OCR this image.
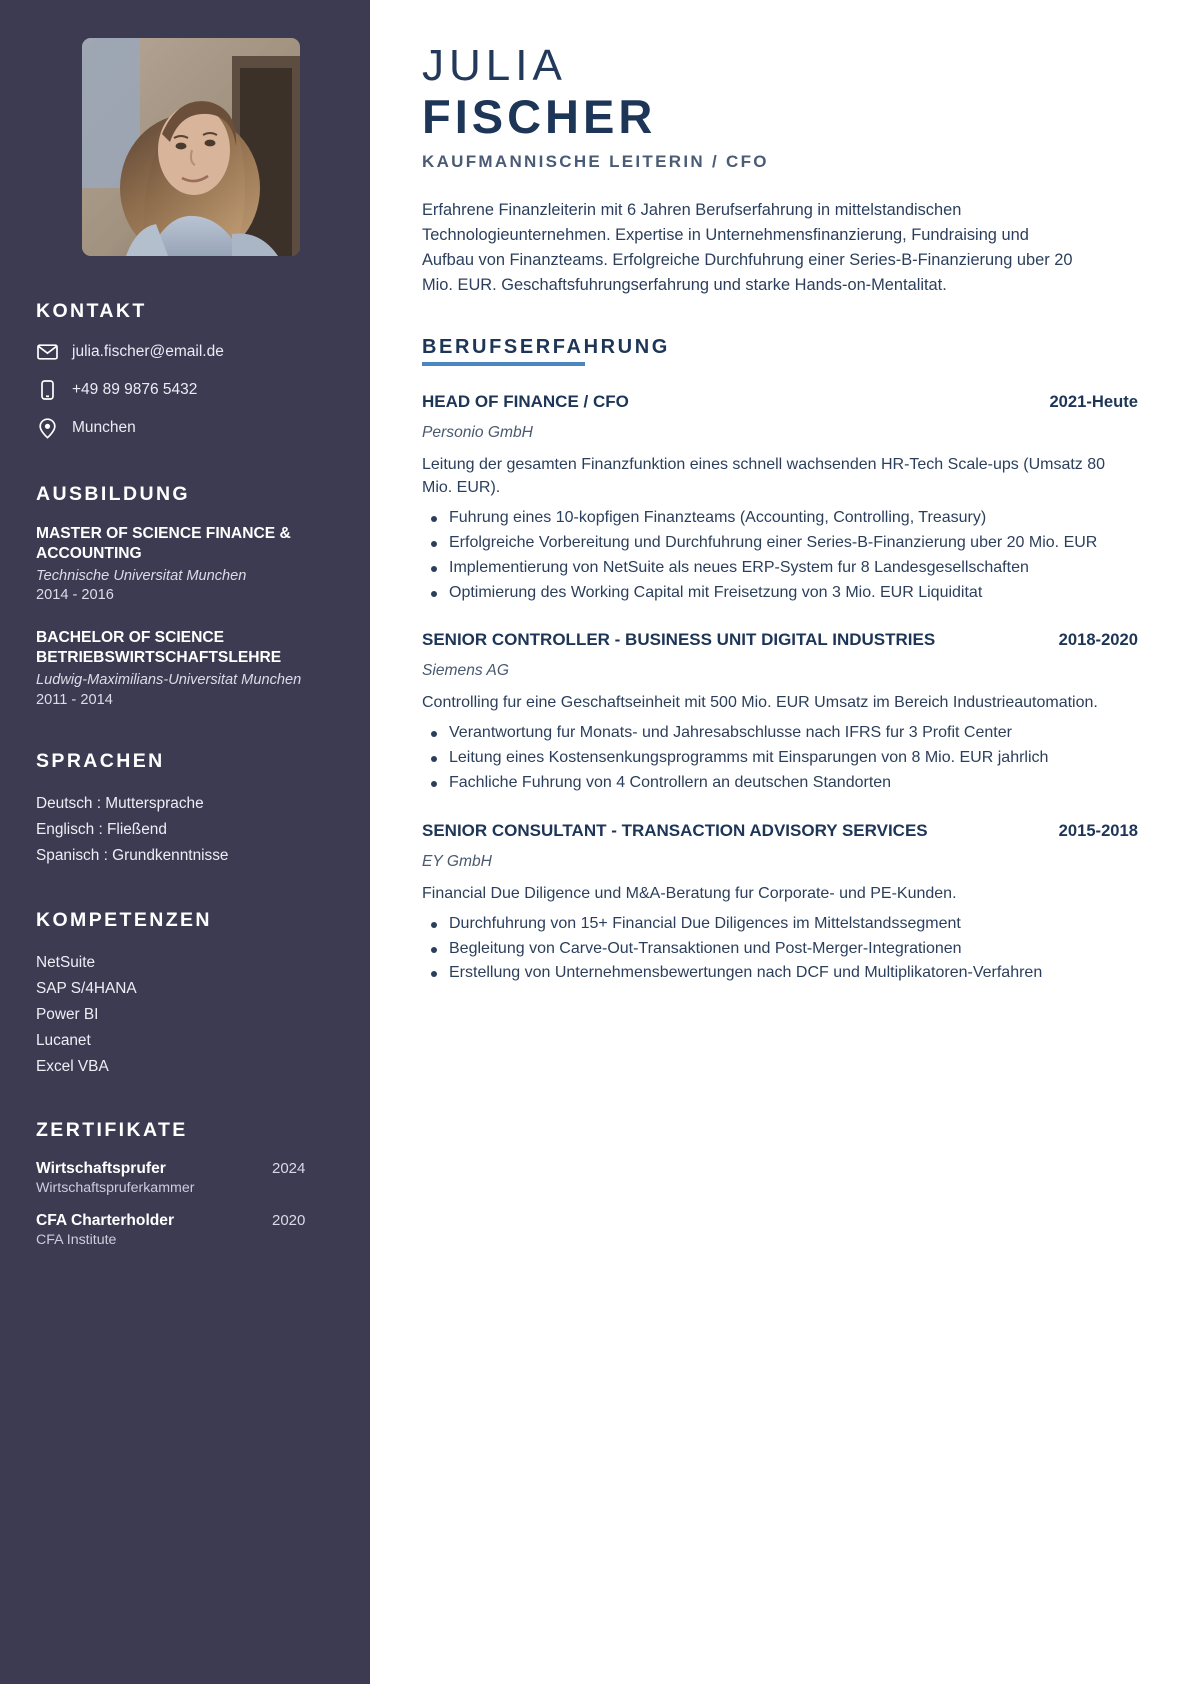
KONTAKT
julia.fischer@email.de
+49 89 9876 5432
Munchen
AUSBILDUNG
MASTER OF SCIENCE FINANCE & ACCOUNTING
Technische Universitat Munchen
2014 - 2016
BACHELOR OF SCIENCE BETRIEBSWIRTSCHAFTSLEHRE
Ludwig-Maximilians-Universitat Munchen
2011 - 2014
SPRACHEN
Deutsch : Muttersprache
Englisch : Fließend
Spanisch : Grundkenntnisse
KOMPETENZEN
NetSuite
SAP S/4HANA
Power BI
Lucanet
Excel VBA
ZERTIFIKATE
Wirtschaftsprufer	2024
Wirtschaftspruferkammer
CFA Charterholder	2020
CFA Institute
JULIA
FISCHER
KAUFMANNISCHE LEITERIN / CFO

Erfahrene Finanzleiterin mit 6 Jahren Berufserfahrung in mittelstandischen Technologieunternehmen. Expertise in Unternehmensfinanzierung, Fundraising und Aufbau von Finanzteams. Erfolgreiche Durchfuhrung einer Series-B-Finanzierung uber 20 Mio. EUR. Geschaftsfuhrungserfahrung und starke Hands-on-Mentalitat.

BERUFSERFAHRUNG
HEAD OF FINANCE / CFO	2021-Heute
Personio GmbH
Leitung der gesamten Finanzfunktion eines schnell wachsenden HR-Tech Scale-ups (Umsatz 80 Mio. EUR).
Fuhrung eines 10-kopfigen Finanzteams (Accounting, Controlling, Treasury)
Erfolgreiche Vorbereitung und Durchfuhrung einer Series-B-Finanzierung uber 20 Mio. EUR
Implementierung von NetSuite als neues ERP-System fur 8 Landesgesellschaften
Optimierung des Working Capital mit Freisetzung von 3 Mio. EUR Liquiditat
SENIOR CONTROLLER - BUSINESS UNIT DIGITAL INDUSTRIES	2018-2020
Siemens AG
Controlling fur eine Geschaftseinheit mit 500 Mio. EUR Umsatz im Bereich Industrieautomation.
Verantwortung fur Monats- und Jahresabschlusse nach IFRS fur 3 Profit Center
Leitung eines Kostensenkungsprogramms mit Einsparungen von 8 Mio. EUR jahrlich
Fachliche Fuhrung von 4 Controllern an deutschen Standorten
SENIOR CONSULTANT - TRANSACTION ADVISORY SERVICES	2015-2018
EY GmbH
Financial Due Diligence und M&A-Beratung fur Corporate- und PE-Kunden.
Durchfuhrung von 15+ Financial Due Diligences im Mittelstandssegment
Begleitung von Carve-Out-Transaktionen und Post-Merger-Integrationen
Erstellung von Unternehmensbewertungen nach DCF und Multiplikatoren-Verfahren
